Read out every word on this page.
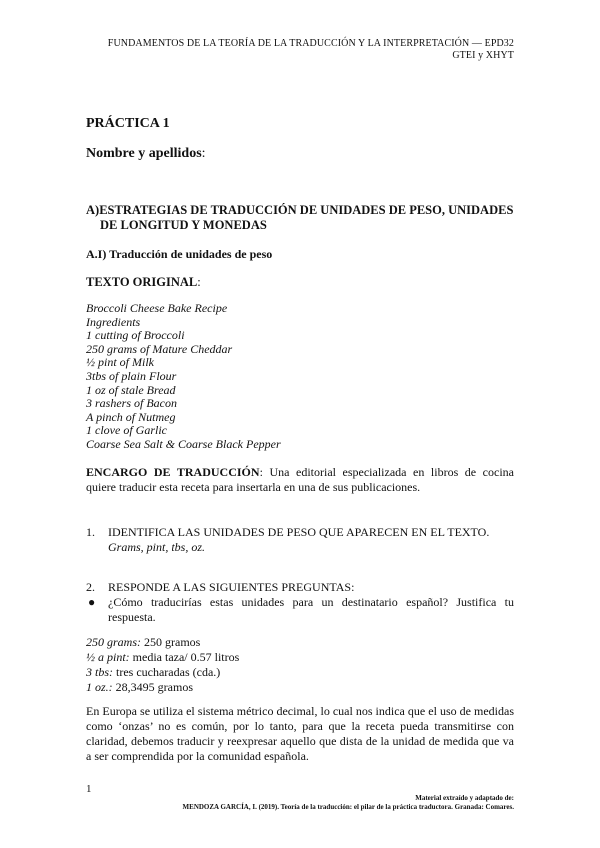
FUNDAMENTOS DE LA TEORÍA DE LA TRADUCCIÓN Y LA INTERPRETACIÓN — EPD32
GTEI y XHYT
PRÁCTICA 1
Nombre y apellidos:
A)ESTRATEGIAS DE TRADUCCIÓN DE UNIDADES DE PESO, UNIDADES DE LONGITUD Y MONEDAS
A.I) Traducción de unidades de peso
TEXTO ORIGINAL:
Broccoli Cheese Bake Recipe
Ingredients
1 cutting of Broccoli
250 grams of Mature Cheddar
½ pint of Milk
3tbs of plain Flour
1 oz of stale Bread
3 rashers of Bacon
A pinch of Nutmeg
1 clove of Garlic
Coarse Sea Salt & Coarse Black Pepper
ENCARGO DE TRADUCCIÓN: Una editorial especializada en libros de cocina quiere traducir esta receta para insertarla en una de sus publicaciones.
1.	IDENTIFICA LAS UNIDADES DE PESO QUE APARECEN EN EL TEXTO.
Grams, pint, tbs, oz.
2.	RESPONDE A LAS SIGUIENTES PREGUNTAS:
● ¿Cómo traducirías estas unidades para un destinatario español? Justifica tu respuesta.
250 grams: 250 gramos
½ a pint: media taza/ 0.57 litros
3 tbs: tres cucharadas (cda.)
1 oz.: 28,3495 gramos
En Europa se utiliza el sistema métrico decimal, lo cual nos indica que el uso de medidas como ‘onzas’ no es común, por lo tanto, para que la receta pueda transmitirse con claridad, debemos traducir y reexpresar aquello que dista de la unidad de medida que va a ser comprendida por la comunidad española.
1
Material extraído y adaptado de:
MENDOZA GARCÍA, I. (2019). Teoría de la traducción: el pilar de la práctica traductora. Granada: Comares.
